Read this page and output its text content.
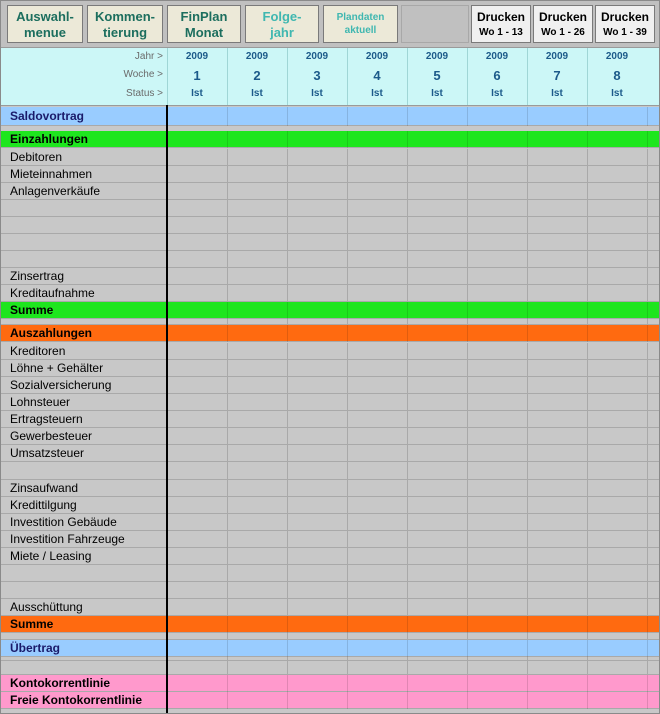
Auswahl-
menue
Kommen-
tierung
FinPlan
Monat
Folge-
jahr
Plandaten
aktuell
Drucken
Wo 1 - 13
Drucken
Wo 1 - 26
Drucken
Wo 1 - 39
Jahr >
Woche >
Status >
2009
1
Ist
2009
2
Ist
2009
3
Ist
2009
4
Ist
2009
5
Ist
2009
6
Ist
2009
7
Ist
2009
8
Ist
Saldovortrag
Einzahlungen
Debitoren
Mieteinnahmen
Anlagenverkäufe
Zinsertrag
Kreditaufnahme
Summe
Auszahlungen
Kreditoren
Löhne + Gehälter
Sozialversicherung
Lohnsteuer
Ertragsteuern
Gewerbesteuer
Umsatzsteuer
Zinsaufwand
Kredittilgung
Investition Gebäude
Investition Fahrzeuge
Miete / Leasing
Ausschüttung
Summe
Übertrag
Hdg
Kontokorrentlinie
Freie Kontokorrentlinie
